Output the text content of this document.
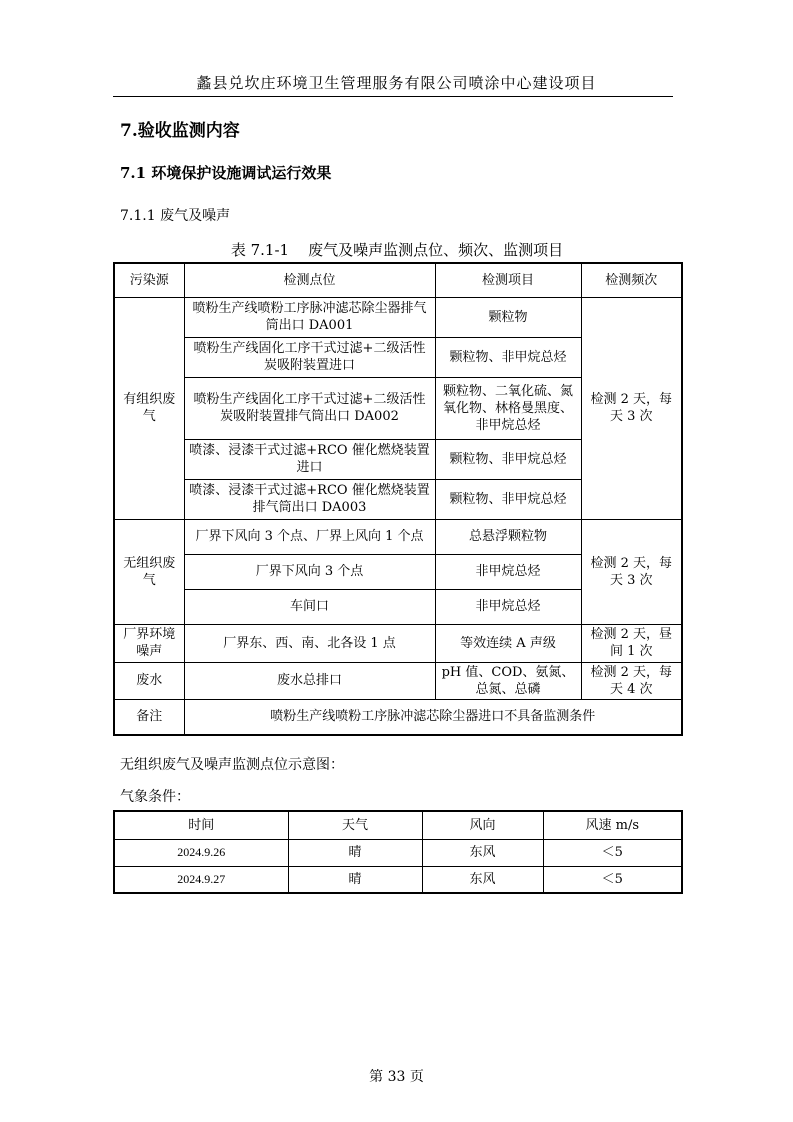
蠡县兑坎庄环境卫生管理服务有限公司喷涂中心建设项目
7.验收监测内容
7.1 环境保护设施调试运行效果
7.1.1 废气及噪声
表 7.1-1    废气及噪声监测点位、频次、监测项目
污染源	检测点位	检测项目	检测频次
有组织废气	喷粉生产线喷粉工序脉冲滤芯除尘器排气筒出口 DA001	颗粒物	检测 2 天，每天 3 次
	喷粉生产线固化工序干式过滤+二级活性炭吸附装置进口	颗粒物、非甲烷总烃	
	喷粉生产线固化工序干式过滤+二级活性炭吸附装置排气筒出口 DA002	颗粒物、二氧化硫、氮氧化物、林格曼黑度、非甲烷总烃	
	喷漆、浸漆干式过滤+RCO 催化燃烧装置进口	颗粒物、非甲烷总烃	
	喷漆、浸漆干式过滤+RCO 催化燃烧装置排气筒出口 DA003	颗粒物、非甲烷总烃	
无组织废气	厂界下风向 3 个点、厂界上风向 1 个点	总悬浮颗粒物	检测 2 天，每天 3 次
	厂界下风向 3 个点	非甲烷总烃	
	车间口	非甲烷总烃	
厂界环境噪声	厂界东、西、南、北各设 1 点	等效连续 A 声级	检测 2 天，昼间 1 次
废水	废水总排口	pH 值、COD、氨氮、总氮、总磷	检测 2 天，每天 4 次
备注	喷粉生产线喷粉工序脉冲滤芯除尘器进口不具备监测条件		
无组织废气及噪声监测点位示意图：
气象条件：
时间	天气	风向	风速 m/s
2024.9.26	晴	东风	＜5
2024.9.27	晴	东风	＜5
第 33 页
